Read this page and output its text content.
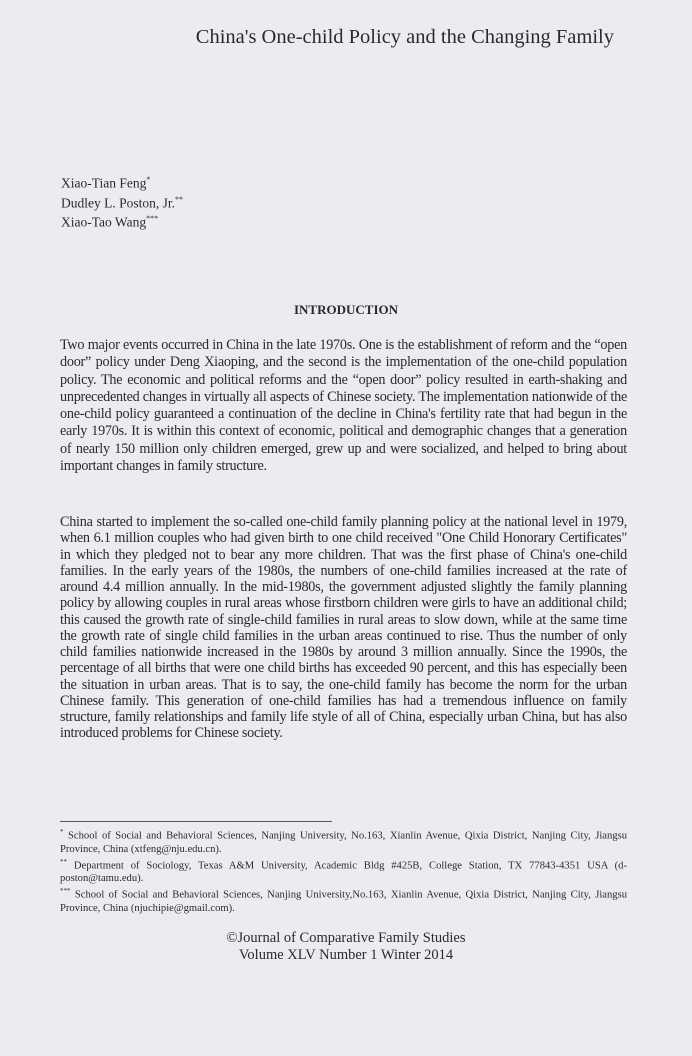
China's One-child Policy and the Changing Family
Xiao-Tian Feng*
Dudley L. Poston, Jr.**
Xiao-Tao Wang***
INTRODUCTION
Two major events occurred in China in the late 1970s. One is the establishment of reform and the “open door” policy under Deng Xiaoping, and the second is the implementation of the one-child population policy. The economic and political reforms and the “open door” policy resulted in earth-shaking and unprecedented changes in virtually all aspects of Chinese society. The implementation nationwide of the one-child policy guaranteed a continuation of the decline in China's fertility rate that had begun in the early 1970s. It is within this context of economic, political and demographic changes that a generation of nearly 150 million only children emerged, grew up and were socialized, and helped to bring about important changes in family structure.
China started to implement the so-called one-child family planning policy at the national level in 1979, when 6.1 million couples who had given birth to one child received "One Child Honorary Certificates" in which they pledged not to bear any more children. That was the first phase of China's one-child families. In the early years of the 1980s, the numbers of one-child families increased at the rate of around 4.4 million annually. In the mid-1980s, the government adjusted slightly the family planning policy by allowing couples in rural areas whose firstborn children were girls to have an additional child; this caused the growth rate of single-child families in rural areas to slow down, while at the same time the growth rate of single child families in the urban areas continued to rise. Thus the number of only child families nationwide increased in the 1980s by around 3 million annually. Since the 1990s, the percentage of all births that were one child births has exceeded 90 percent, and this has especially been the situation in urban areas. That is to say, the one-child family has become the norm for the urban Chinese family. This generation of one-child families has had a tremendous influence on family structure, family relationships and family life style of all of China, especially urban China, but has also introduced problems for Chinese society.
* School of Social and Behavioral Sciences, Nanjing University, No.163, Xianlin Avenue, Qixia District, Nanjing City, Jiangsu Province, China (xtfeng@nju.edu.cn).
** Department of Sociology, Texas A&M University, Academic Bldg #425B, College Station, TX 77843-4351 USA (d-poston@tamu.edu).
*** School of Social and Behavioral Sciences, Nanjing University,No.163, Xianlin Avenue, Qixia District, Nanjing City, Jiangsu Province, China (njuchipie@gmail.com).
©Journal of Comparative Family Studies
Volume XLV Number 1 Winter 2014
